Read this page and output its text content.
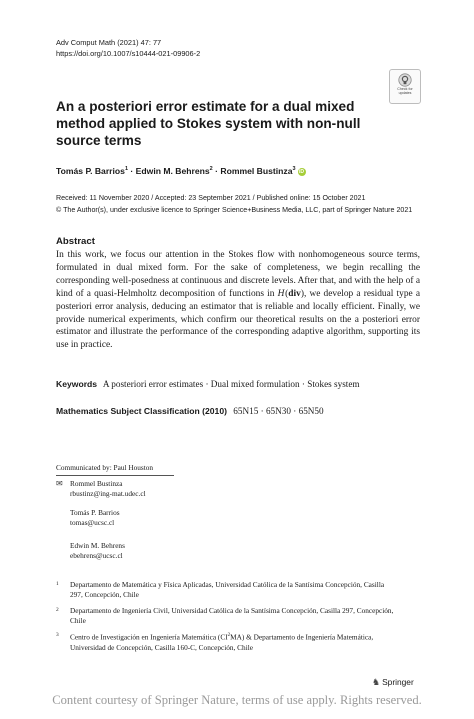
Adv Comput Math (2021) 47: 77
https://doi.org/10.1007/s10444-021-09906-2
Check for
updates
An a posteriori error estimate for a dual mixed method applied to Stokes system with non-null source terms
Tomás P. Barrios$^1$ · Edwin M. Behrens$^2$ · Rommel Bustinza$^3$ iD
Received: 11 November 2020 / Accepted: 23 September 2021 / Published online: 15 October 2021
© The Author(s), under exclusive licence to Springer Science+Business Media, LLC, part of Springer Nature 2021
Abstract
In this work, we focus our attention in the Stokes flow with nonhomogeneous source terms, formulated in dual mixed form. For the sake of completeness, we begin recalling the corresponding well-posedness at continuous and discrete levels. After that, and with the help of a kind of a quasi-Helmholtz decomposition of functions in H (div), we develop a residual type a posteriori error analysis, deducing an estimator that is reliable and locally efficient. Finally, we provide numerical experiments, which confirm our theoretical results on the a posteriori error estimator and illustrate the performance of the corresponding adaptive algorithm, supporting its use in practice.
Keywords A posteriori error estimates · Dual mixed formulation · Stokes system
Mathematics Subject Classification (2010) 65N15 · 65N30 · 65N50
Communicated by: Paul Houston
✉ Rommel Bustinza
rbustinz@ing-mat.udec.cl
Tomás P. Barrios
tomas@ucsc.cl
Edwin M. Behrens
ebehrens@ucsc.cl
1 Departamento de Matemática y Física Aplicadas, Universidad Católica de la Santísima Concepción, Casilla 297, Concepción, Chile
2 Departamento de Ingeniería Civil, Universidad Católica de la Santísima Concepción, Casilla 297, Concepción, Chile
3 Centro de Investigación en Ingeniería Matemática $(CI^2MA)$ & Departamento de Ingeniería Matemática, Universidad de Concepción, Casilla 160-C, Concepción, Chile
♞ Springer
Content courtesy of Springer Nature, terms of use apply. Rights reserved.
